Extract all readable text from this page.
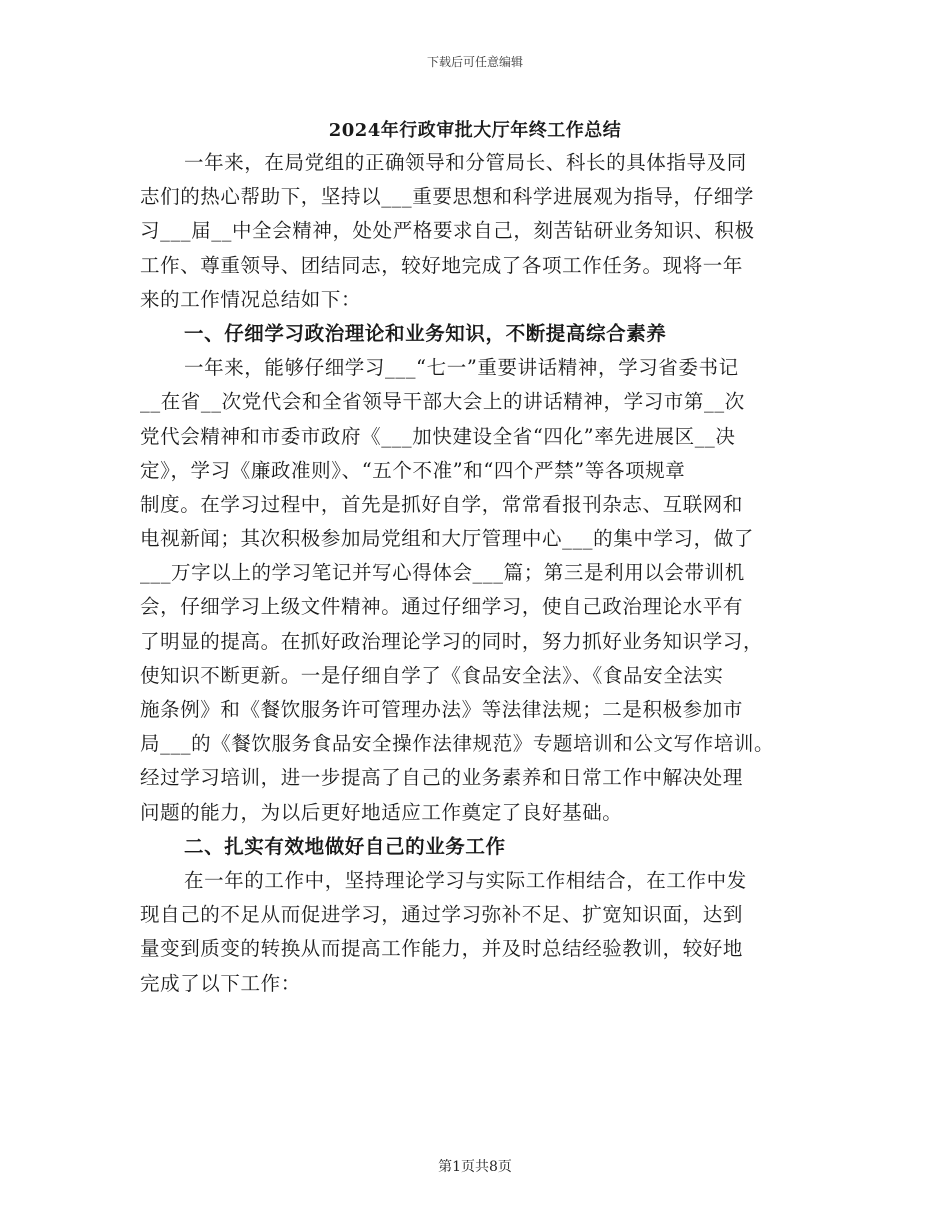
下载后可任意编辑
2024年行政审批大厅年终工作总结
一年来，在局党组的正确领导和分管局长、科长的具体指导及同
志们的热心帮助下，坚持以___重要思想和科学进展观为指导，仔细学
习___届__中全会精神，处处严格要求自己，刻苦钻研业务知识、积极
工作、尊重领导、团结同志，较好地完成了各项工作任务。现将一年
来的工作情况总结如下：
一、仔细学习政治理论和业务知识，不断提高综合素养
一年来，能够仔细学习___“七一”重要讲话精神，学习省委书记
__在省__次党代会和全省领导干部大会上的讲话精神，学习市第__次
党代会精神和市委市政府《___加快建设全省“四化”率先进展区__决
定》，学习《廉政准则》、“五个不准”和“四个严禁”等各项规章
制度。在学习过程中，首先是抓好自学，常常看报刊杂志、互联网和
电视新闻；其次积极参加局党组和大厅管理中心___的集中学习，做了
___万字以上的学习笔记并写心得体会___篇；第三是利用以会带训机
会，仔细学习上级文件精神。通过仔细学习，使自己政治理论水平有
了明显的提高。在抓好政治理论学习的同时，努力抓好业务知识学习，
使知识不断更新。一是仔细自学了《食品安全法》、《食品安全法实
施条例》和《餐饮服务许可管理办法》等法律法规；二是积极参加市
局___的《餐饮服务食品安全操作法律规范》专题培训和公文写作培训。
经过学习培训，进一步提高了自己的业务素养和日常工作中解决处理
问题的能力，为以后更好地适应工作奠定了良好基础。
二、扎实有效地做好自己的业务工作
在一年的工作中，坚持理论学习与实际工作相结合，在工作中发
现自己的不足从而促进学习，通过学习弥补不足、扩宽知识面，达到
量变到质变的转换从而提高工作能力，并及时总结经验教训，较好地
完成了以下工作：
第1页共8页
